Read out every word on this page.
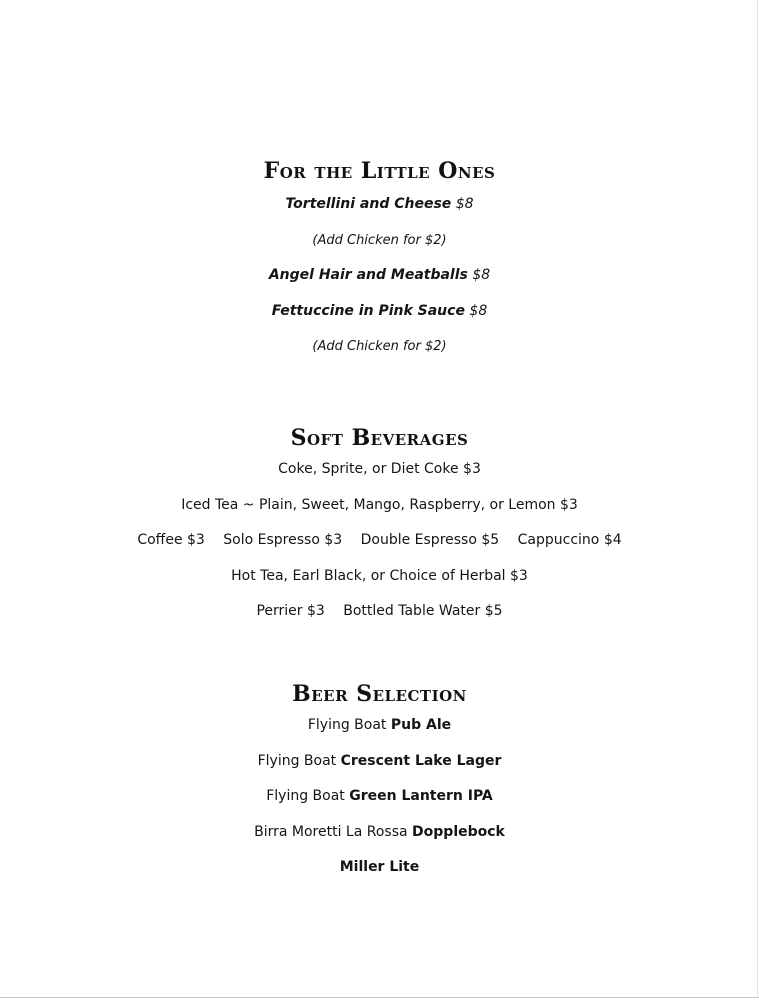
For the Little Ones
Tortellini and Cheese $8
(Add Chicken for $2)
Angel Hair and Meatballs $8
Fettuccine in Pink Sauce $8
(Add Chicken for $2)
Soft Beverages
Coke, Sprite, or Diet Coke $3
Iced Tea ~ Plain, Sweet, Mango, Raspberry, or Lemon $3
Coffee $3 Solo Espresso $3 Double Espresso $5 Cappuccino $4
Hot Tea, Earl Black, or Choice of Herbal $3
Perrier $3 Bottled Table Water $5
Beer Selection
Flying Boat Pub Ale
Flying Boat Crescent Lake Lager
Flying Boat Green Lantern IPA
Birra Moretti La Rossa Dopplebock
Miller Lite
